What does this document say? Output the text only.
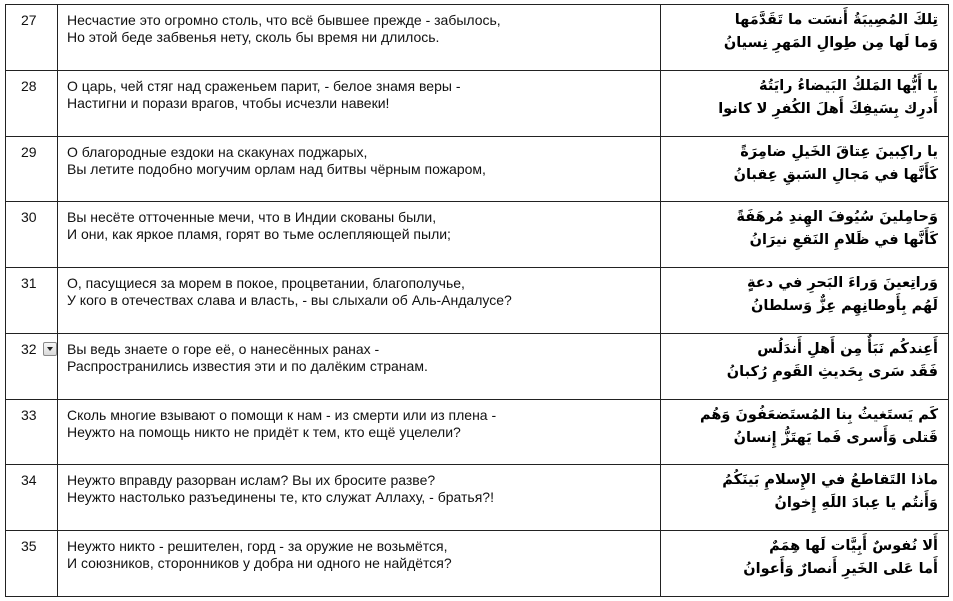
27 Несчастие это огромно столь, что всё бывшее прежде - забылось,
Но этой беде забвенья нету, сколь бы время ни длилось.
تِلكَ المُصِيبَةُ أَنسَت ما تَقَدَّمَها
وَما لَها مِن طِوالِ المَهرِ نِسيانُ
28 О царь, чей стяг над сраженьем парит, - белое знамя веры -
Настигни и порази врагов, чтобы исчезли навеки!
يا أَيُّها المَلكُ البَيضاءُ رايَتُهُ
أَدرِك بِسَيفِكَ أَهلَ الكُفرِ لا كانوا
29 О благородные ездоки на скакунах поджарых,
Вы летите подобно могучим орлам над битвы чёрным пожаром,
يا راكِبينَ عِتاقَ الخَيلِ ضامِرَةً
كَأَنَّها في مَجالِ السَبقِ عِقبانُ
30 Вы несёте отточенные мечи, что в Индии скованы были,
И они, как яркое пламя, горят во тьме ослепляющей пыли;
وَحامِلينَ سُيُوفَ الهِندِ مُرهَفَةً
كَأَنَّها في ظَلامِ النَقعِ نيرَانُ
31 О, пасущиеся за морем в покое, процветании, благополучье,
У кого в отечествах слава и власть, - вы слыхали об Аль-Андалусе?
وَراتِعينَ وَراءَ البَحرِ في دعةٍ
لَهُم بِأَوطانِهِم عِزٌّ وَسلطانُ
32 Вы ведь знаете о горе её, о нанесённых ранах -
Распространились известия эти и по далёким странам.
أَعِندكُم نَبَأٌ مِن أَهلِ أَندَلُس
فَقَد سَرى بِحَديثِ القَومِ رُكبانُ
33 Сколь многие взывают о помощи к нам - из смерти или из плена -
Неужто на помощь никто не придёт к тем, кто ещё уцелели?
كَم يَستَغيثُ بِنا المُستَضعَفُونَ وَهُم
قَتلى وَأَسرى فَما يَهتَزُّ إِنسانُ
34 Неужто вправду разорван ислам? Вы их бросите разве?
Неужто настолько разъединены те, кто служат Аллаху, - братья?!
ماذا التَقاطعُ في الإِسلامِ بَينَكُمُ
وَأَنتُم يا عِبادَ اللَهِ إِخوانُ
35 Неужто никто - решителен, горд - за оружие не возьмётся,
И союзников, сторонников у добра ни одного не найдётся?
أَلا نُفوسٌ أَبِيَّات لَها هِمَمٌ
أَما عَلى الخَيرِ أَنصارٌ وَأَعوانُ
